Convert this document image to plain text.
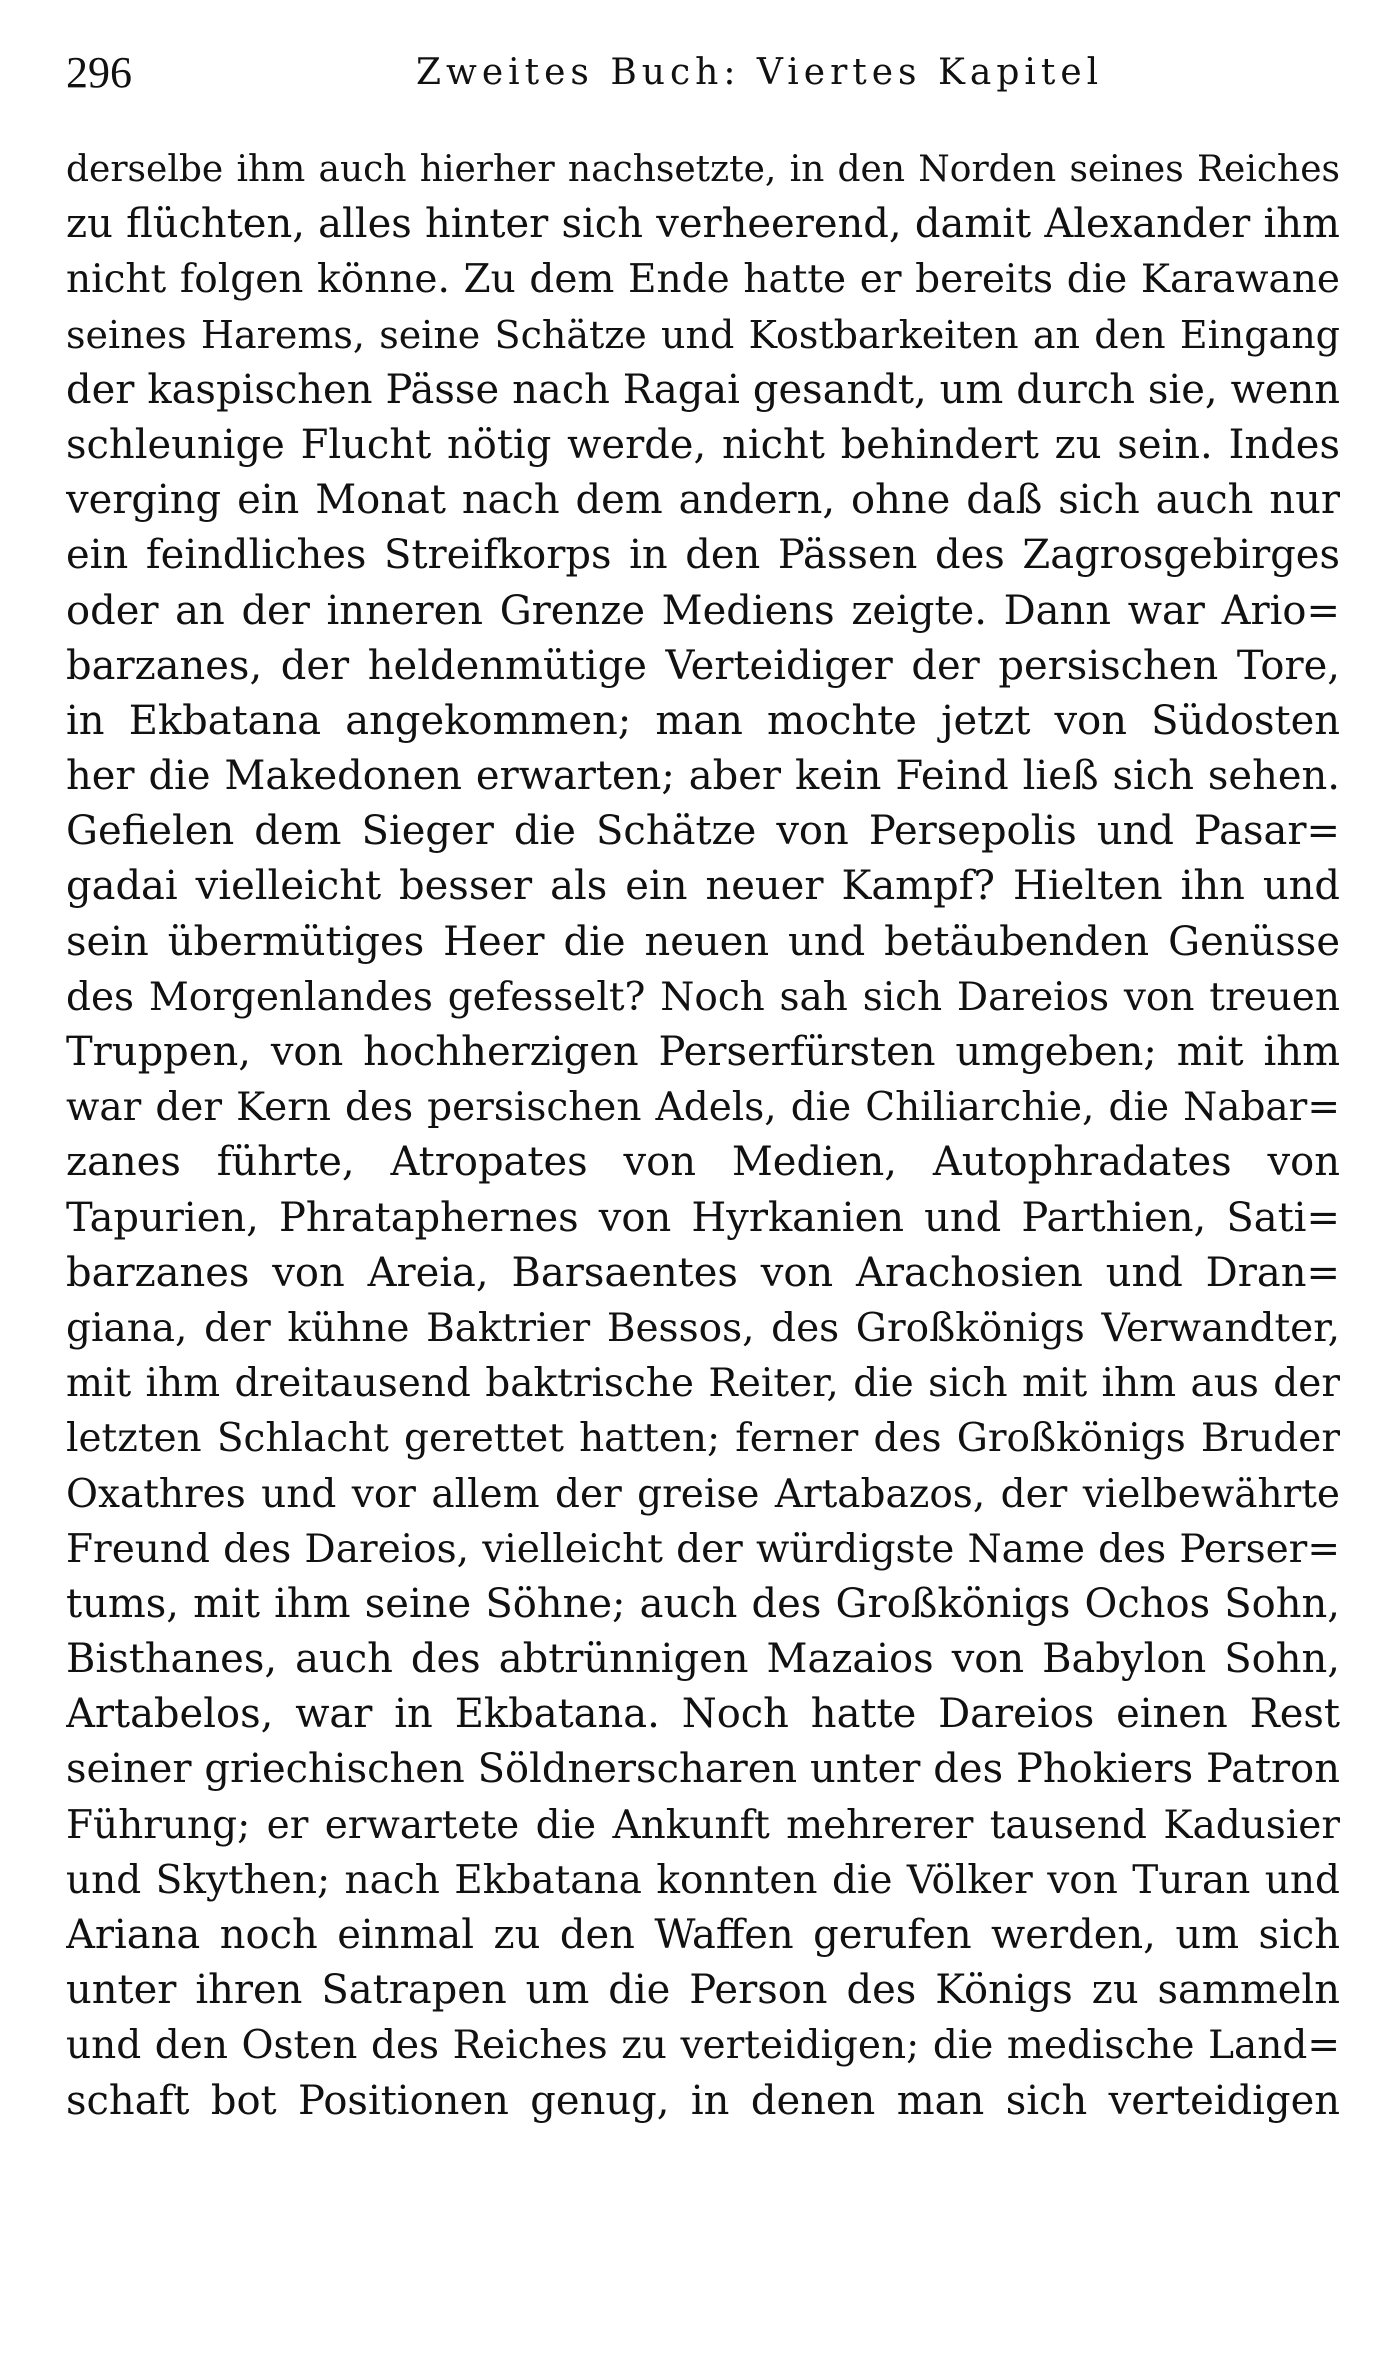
296	Zweites Buch: Viertes Kapitel
derselbe ihm auch hierher nachsetzte, in den Norden seines Reiches
zu flüchten, alles hinter sich verheerend, damit Alexander ihm
nicht folgen könne. Zu dem Ende hatte er bereits die Karawane
seines Harems, seine Schätze und Kostbarkeiten an den Eingang
der kaspischen Pässe nach Ragai gesandt, um durch sie, wenn
schleunige Flucht nötig werde, nicht behindert zu sein. Indes
verging ein Monat nach dem andern, ohne daß sich auch nur
ein feindliches Streifkorps in den Pässen des Zagrosgebirges
oder an der inneren Grenze Mediens zeigte. Dann war Ario=
barzanes, der heldenmütige Verteidiger der persischen Tore,
in Ekbatana angekommen; man mochte jetzt von Südosten
her die Makedonen erwarten; aber kein Feind ließ sich sehen.
Gefielen dem Sieger die Schätze von Persepolis und Pasar=
gadai vielleicht besser als ein neuer Kampf? Hielten ihn und
sein übermütiges Heer die neuen und betäubenden Genüsse
des Morgenlandes gefesselt? Noch sah sich Dareios von treuen
Truppen, von hochherzigen Perserfürsten umgeben; mit ihm
war der Kern des persischen Adels, die Chiliarchie, die Nabar=
zanes führte, Atropates von Medien, Autophradates von
Tapurien, Phrataphernes von Hyrkanien und Parthien, Sati=
barzanes von Areia, Barsaentes von Arachosien und Dran=
giana, der kühne Baktrier Bessos, des Großkönigs Verwandter,
mit ihm dreitausend baktrische Reiter, die sich mit ihm aus der
letzten Schlacht gerettet hatten; ferner des Großkönigs Bruder
Oxathres und vor allem der greise Artabazos, der vielbewährte
Freund des Dareios, vielleicht der würdigste Name des Perser=
tums, mit ihm seine Söhne; auch des Großkönigs Ochos Sohn,
Bisthanes, auch des abtrünnigen Mazaios von Babylon Sohn,
Artabelos, war in Ekbatana. Noch hatte Dareios einen Rest
seiner griechischen Söldnerscharen unter des Phokiers Patron
Führung; er erwartete die Ankunft mehrerer tausend Kadusier
und Skythen; nach Ekbatana konnten die Völker von Turan und
Ariana noch einmal zu den Waffen gerufen werden, um sich
unter ihren Satrapen um die Person des Königs zu sammeln
und den Osten des Reiches zu verteidigen; die medische Land=
schaft bot Positionen genug, in denen man sich verteidigen
